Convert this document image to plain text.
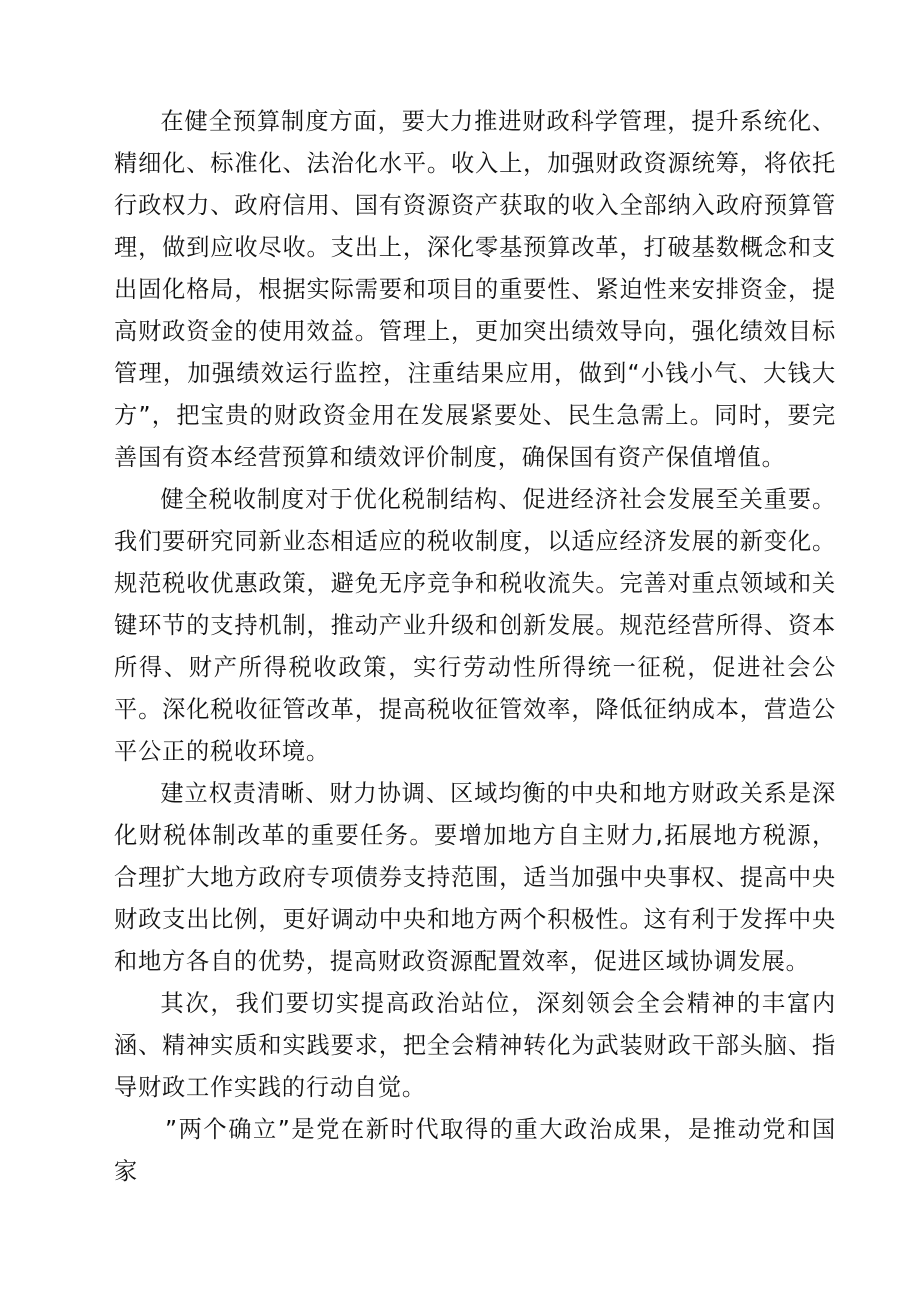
在健全预算制度方面，要大力推进财政科学管理，提升系统化、精细化、标准化、法治化水平。收入上，加强财政资源统筹，将依托行政权力、政府信用、国有资源资产获取的收入全部纳入政府预算管理，做到应收尽收。支出上，深化零基预算改革，打破基数概念和支出固化格局，根据实际需要和项目的重要性、紧迫性来安排资金，提高财政资金的使用效益。管理上，更加突出绩效导向，强化绩效目标管理，加强绩效运行监控，注重结果应用，做到“小钱小气、大钱大方”，把宝贵的财政资金用在发展紧要处、民生急需上。同时，要完善国有资本经营预算和绩效评价制度，确保国有资产保值增值。

健全税收制度对于优化税制结构、促进经济社会发展至关重要。我们要研究同新业态相适应的税收制度，以适应经济发展的新变化。规范税收优惠政策，避免无序竞争和税收流失。完善对重点领域和关键环节的支持机制，推动产业升级和创新发展。规范经营所得、资本所得、财产所得税收政策，实行劳动性所得统一征税，促进社会公平。深化税收征管改革，提高税收征管效率，降低征纳成本，营造公平公正的税收环境。

建立权责清晰、财力协调、区域均衡的中央和地方财政关系是深化财税体制改革的重要任务。要增加地方自主财力,拓展地方税源，合理扩大地方政府专项债券支持范围，适当加强中央事权、提高中央财政支出比例，更好调动中央和地方两个积极性。这有利于发挥中央和地方各自的优势，提高财政资源配置效率，促进区域协调发展。

其次，我们要切实提高政治站位，深刻领会全会精神的丰富内涵、精神实质和实践要求，把全会精神转化为武装财政干部头脑、指导财政工作实践的行动自觉。

”两个确立”是党在新时代取得的重大政治成果，是推动党和国家
